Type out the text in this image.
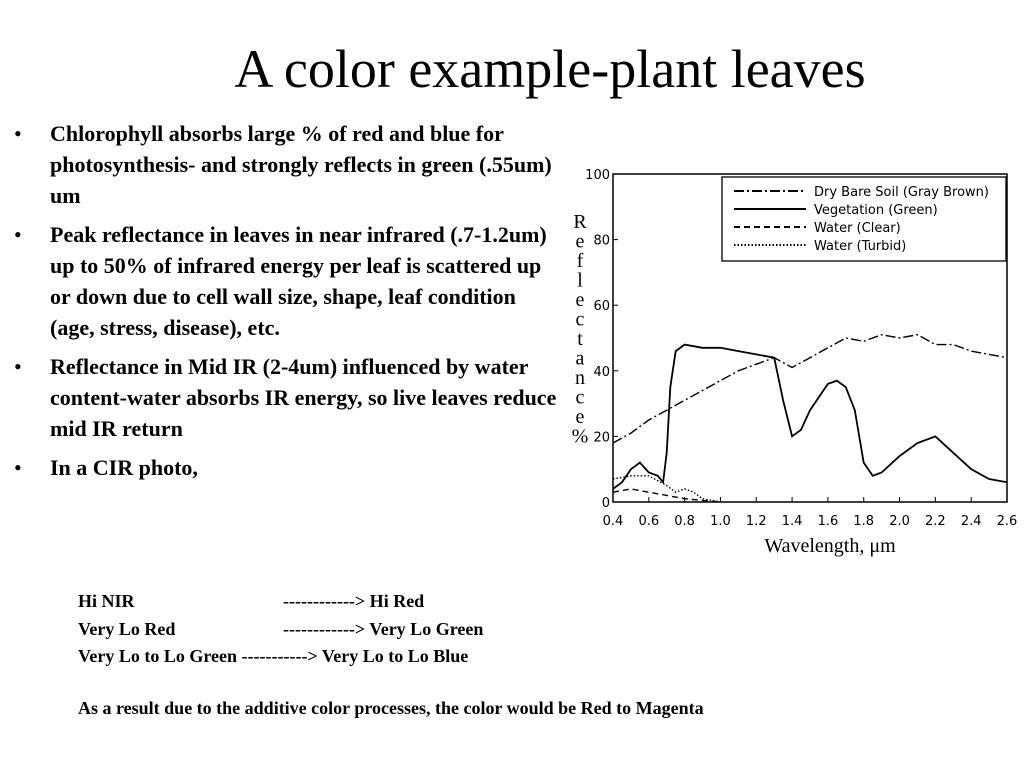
A color example-plant leaves
• Chlorophyll absorbs large % of red and blue for photosynthesis- and strongly reflects in green (.55um) um
• Peak reflectance in leaves in near infrared (.7-1.2um) up to 50% of infrared energy per leaf is scattered up or down due to cell wall size, shape, leaf condition (age, stress, disease), etc.
• Reflectance in Mid IR (2-4um) influenced by water content-water absorbs IR energy, so live leaves reduce mid IR return
• In a CIR photo,
Dry Bare Soil (Gray Brown)
Vegetation (Green)
Water (Clear)
Water (Turbid)
0
20
40
60
80
100
0.4 0.6 0.8 1.0 1.2 1.4 1.6 1.8 2.0 2.2 2.4 2.6
Wavelength, μm
R
e
f
l
e
c
t
a
n
c
e
%
Hi NIR	------------> Hi Red
Very Lo Red	------------> Very Lo Green
Very Lo to Lo Green -----------> Very Lo to Lo Blue
As a result due to the additive color processes, the color would be Red to Magenta
